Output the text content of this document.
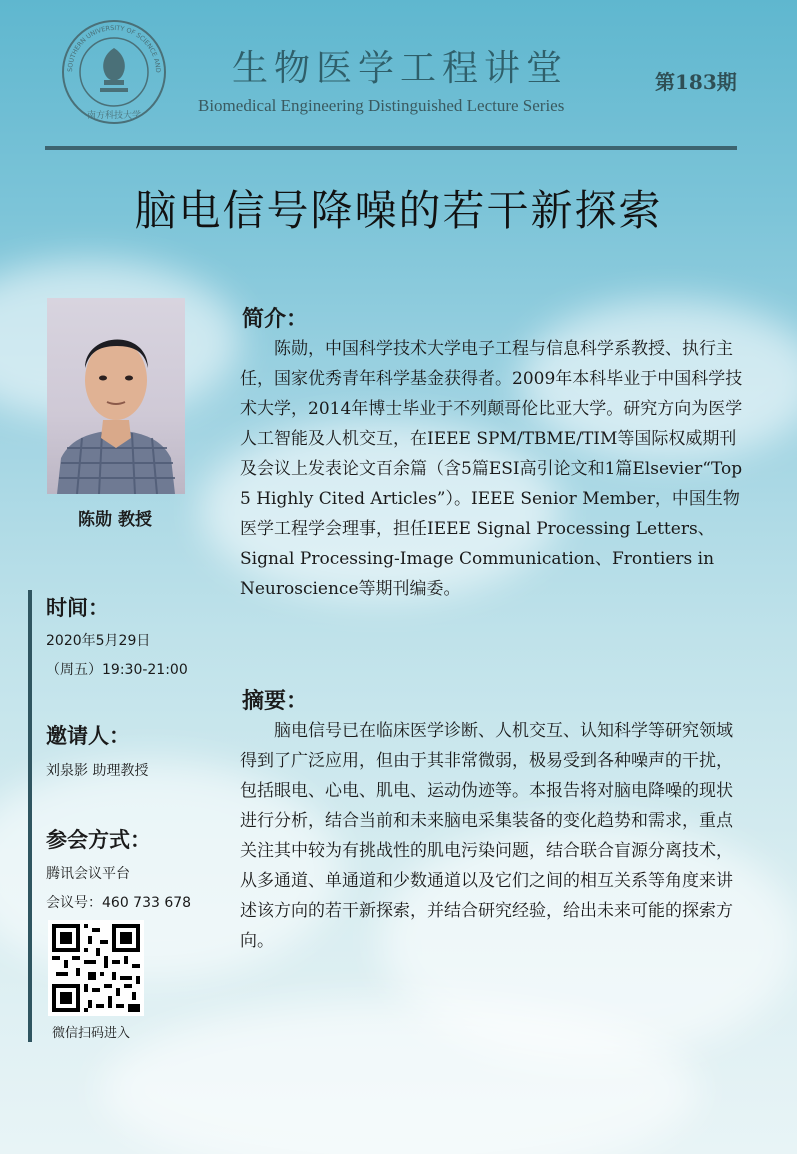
SOUTHERN UNIVERSITY OF SCIENCE AND
南方科技大学
生物医学工程讲堂
Biomedical Engineering Distinguished Lecture Series
第183期
脑电信号降噪的若干新探索
陈勋 教授
时间：
2020年5月29日
（周五）19:30-21:00
邀请人：
刘泉影 助理教授
参会方式：
腾讯会议平台
会议号：460 733 678
微信扫码进入
简介：
陈勋，中国科学技术大学电子工程与信息科学系教授、执行主任，国家优秀青年科学基金获得者。2009年本科毕业于中国科学技术大学，2014年博士毕业于不列颠哥伦比亚大学。研究方向为医学人工智能及人机交互，在IEEE SPM/TBME/TIM等国际权威期刊及会议上发表论文百余篇（含5篇ESI高引论文和1篇Elsevier“Top 5 Highly Cited Articles”）。IEEE Senior Member，中国生物医学工程学会理事，担任IEEE Signal Processing Letters、Signal Processing-Image Communication、Frontiers in Neuroscience等期刊编委。
摘要：
脑电信号已在临床医学诊断、人机交互、认知科学等研究领域得到了广泛应用，但由于其非常微弱，极易受到各种噪声的干扰，包括眼电、心电、肌电、运动伪迹等。本报告将对脑电降噪的现状进行分析，结合当前和未来脑电采集装备的变化趋势和需求，重点关注其中较为有挑战性的肌电污染问题，结合联合盲源分离技术，从多通道、单通道和少数通道以及它们之间的相互关系等角度来讲述该方向的若干新探索，并结合研究经验，给出未来可能的探索方向。
